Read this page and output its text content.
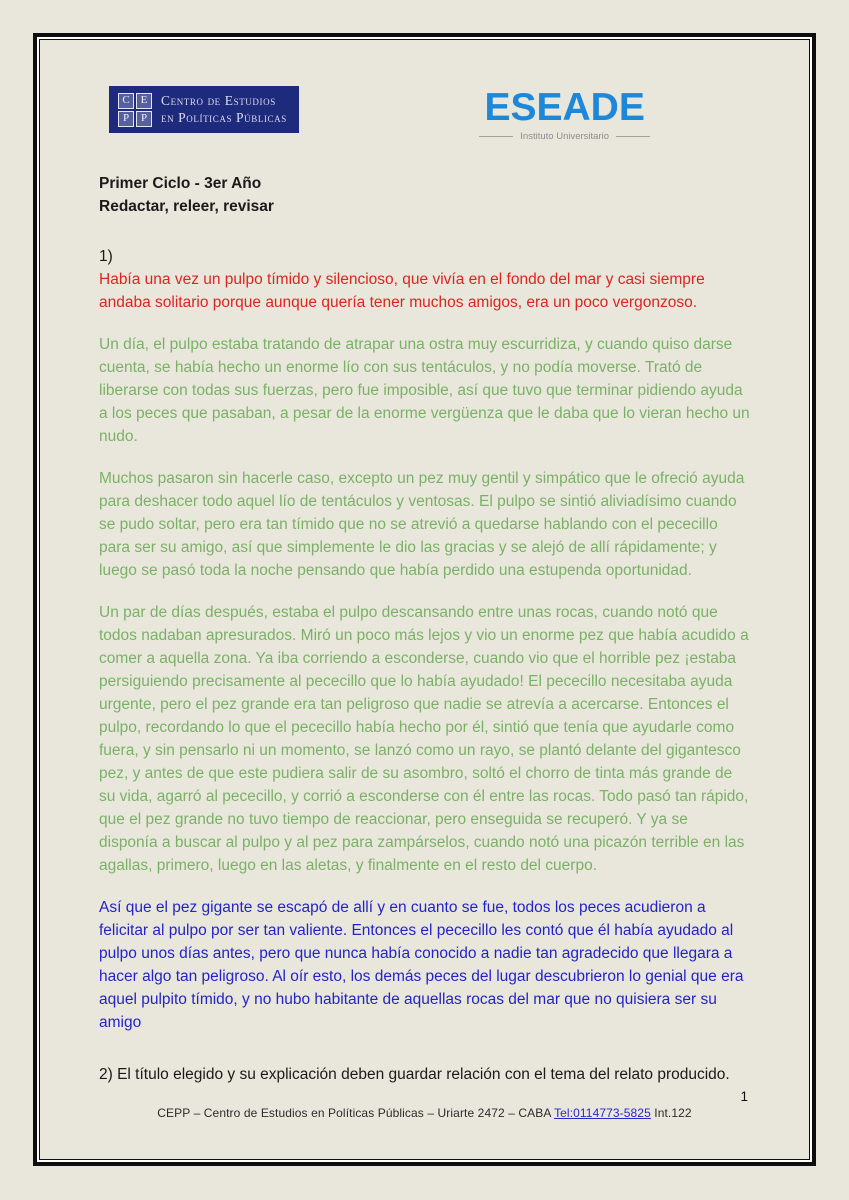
C E
P	P
Centro de Estudios
en Políticas Públicas	ESEADE
Instituto Universitario
Primer Ciclo - 3er Año
Redactar, releer, revisar
1)

Había una vez un pulpo tímido y silencioso, que vivía en el fondo del mar y casi siempre andaba solitario porque aunque quería tener muchos amigos, era un poco vergonzoso.

Un día, el pulpo estaba tratando de atrapar una ostra muy escurridiza, y cuando quiso darse cuenta, se había hecho un enorme lío con sus tentáculos, y no podía moverse. Trató de liberarse con todas sus fuerzas, pero fue imposible, así que tuvo que terminar pidiendo ayuda a los peces que pasaban, a pesar de la enorme vergüenza que le daba que lo vieran hecho un nudo.

Muchos pasaron sin hacerle caso, excepto un pez muy gentil y simpático que le ofreció ayuda para deshacer todo aquel lío de tentáculos y ventosas. El pulpo se sintió aliviadísimo cuando se pudo soltar, pero era tan tímido que no se atrevió a quedarse hablando con el pececillo para ser su amigo, así que simplemente le dio las gracias y se alejó de allí rápidamente; y luego se pasó toda la noche pensando que había perdido una estupenda oportunidad.

Un par de días después, estaba el pulpo descansando entre unas rocas, cuando notó que todos nadaban apresurados. Miró un poco más lejos y vio un enorme pez que había acudido a comer a aquella zona. Ya iba corriendo a esconderse, cuando vio que el horrible pez ¡estaba persiguiendo precisamente al pececillo que lo había ayudado! El pececillo necesitaba ayuda urgente, pero el pez grande era tan peligroso que nadie se atrevía a acercarse. Entonces el pulpo, recordando lo que el pececillo había hecho por él, sintió que tenía que ayudarle como fuera, y sin pensarlo ni un momento, se lanzó como un rayo, se plantó delante del gigantesco pez, y antes de que este pudiera salir de su asombro, soltó el chorro de tinta más grande de su vida, agarró al pececillo, y corrió a esconderse con él entre las rocas. Todo pasó tan rápido, que el pez grande no tuvo tiempo de reaccionar, pero enseguida se recuperó. Y ya se disponía a buscar al pulpo y al pez para zampárselos, cuando notó una picazón terrible en las agallas, primero, luego en las aletas, y finalmente en el resto del cuerpo.

Así que el pez gigante se escapó de allí y en cuanto se fue, todos los peces acudieron a felicitar al pulpo por ser tan valiente. Entonces el pececillo les contó que él había ayudado al pulpo unos días antes, pero que nunca había conocido a nadie tan agradecido que llegara a hacer algo tan peligroso. Al oír esto, los demás peces del lugar descubrieron lo genial que era aquel pulpito tímido, y no hubo habitante de aquellas rocas del mar que no quisiera ser su amigo

2) El título elegido y su explicación deben guardar relación con el tema del relato producido.
1
CEPP – Centro de Estudios en Políticas Públicas – Uriarte 2472 – CABA Tel:0114773-5825 Int.122
